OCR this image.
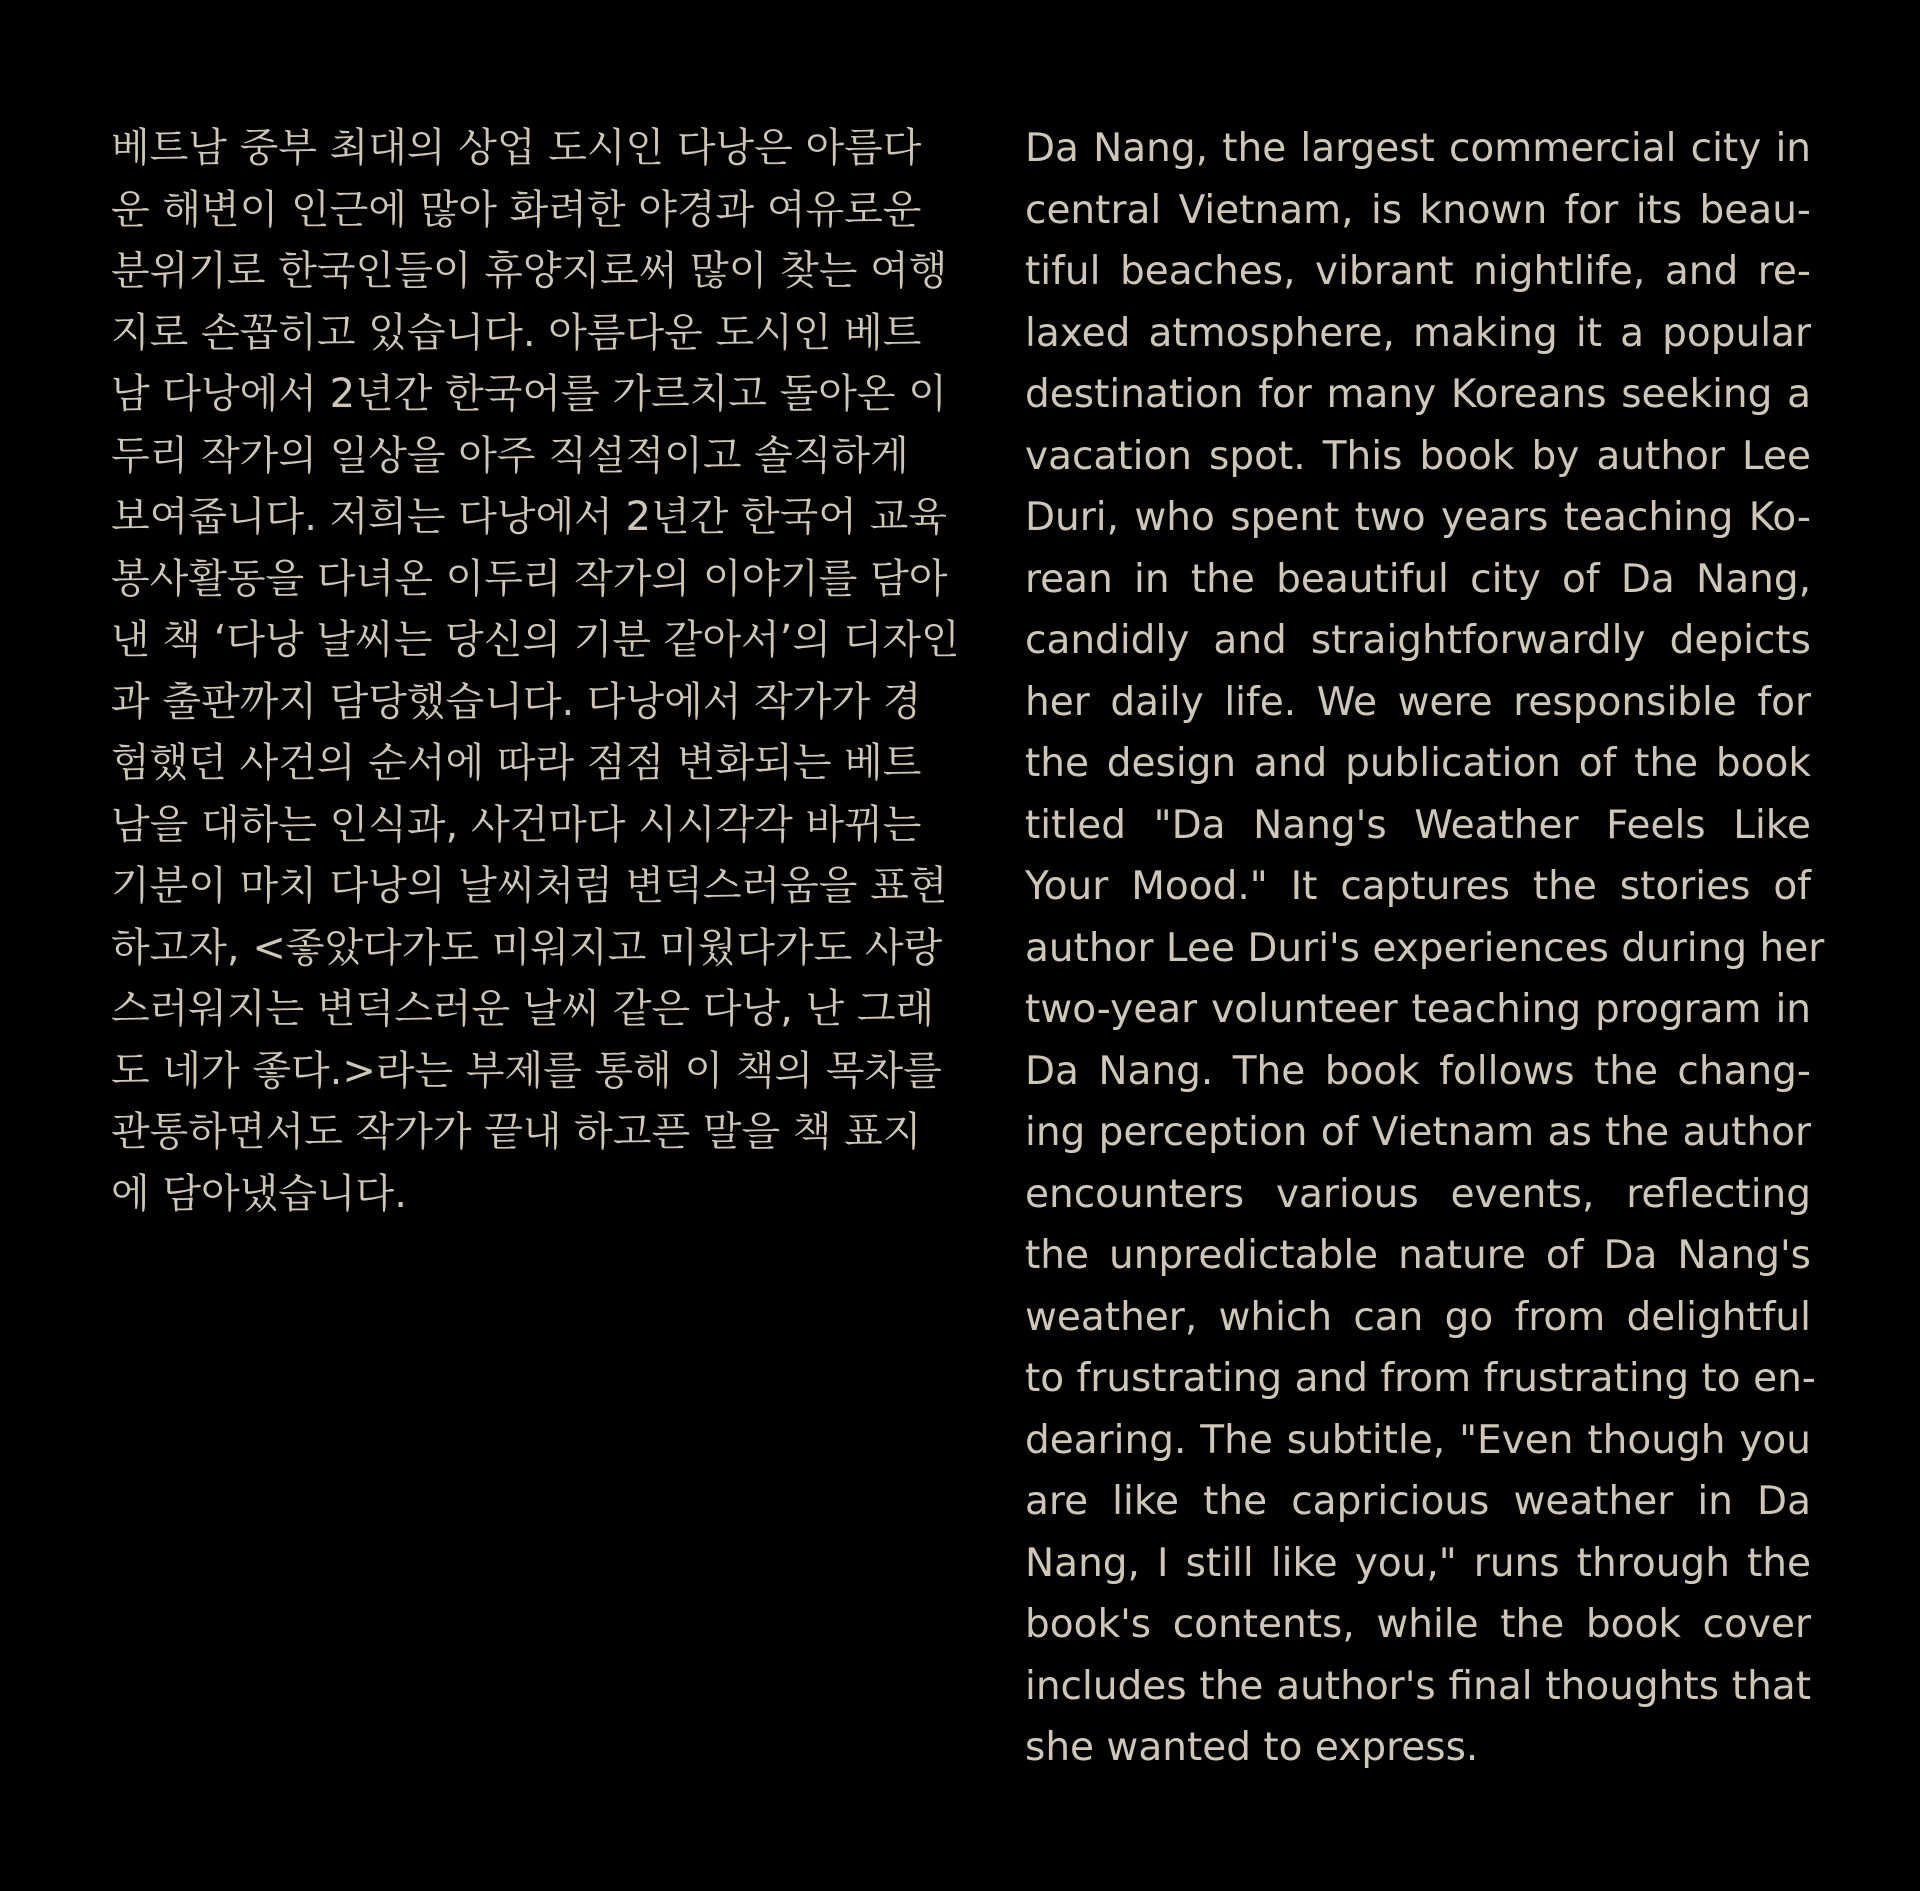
베트남 중부 최대의 상업 도시인 다낭은 아름다
운 해변이 인근에 많아 화려한 야경과 여유로운
분위기로 한국인들이 휴양지로써 많이 찾는 여행
지로 손꼽히고 있습니다. 아름다운 도시인 베트
남 다낭에서 2년간 한국어를 가르치고 돌아온 이
두리 작가의 일상을 아주 직설적이고 솔직하게
보여줍니다. 저희는 다낭에서 2년간 한국어 교육
봉사활동을 다녀온 이두리 작가의 이야기를 담아
낸 책 ‘다낭 날씨는 당신의 기분 같아서’의 디자인
과 출판까지 담당했습니다. 다낭에서 작가가 경
험했던 사건의 순서에 따라 점점 변화되는 베트
남을 대하는 인식과, 사건마다 시시각각 바뀌는
기분이 마치 다낭의 날씨처럼 변덕스러움을 표현
하고자, <좋았다가도 미워지고 미웠다가도 사랑
스러워지는 변덕스러운 날씨 같은 다낭, 난 그래
도 네가 좋다.>라는 부제를 통해 이 책의 목차를
관통하면서도 작가가 끝내 하고픈 말을 책 표지
에 담아냈습니다.
Da Nang, the largest commercial city in
central Vietnam, is known for its beau-
tiful beaches, vibrant nightlife, and re-
laxed atmosphere, making it a popular
destination for many Koreans seeking a
vacation spot. This book by author Lee
Duri, who spent two years teaching Ko-
rean in the beautiful city of Da Nang,
candidly and straightforwardly depicts
her daily life. We were responsible for
the design and publication of the book
titled "Da Nang's Weather Feels Like
Your Mood." It captures the stories of
author Lee Duri's experiences during her
two-year volunteer teaching program in
Da Nang. The book follows the chang-
ing perception of Vietnam as the author
encounters various events, reflecting
the unpredictable nature of Da Nang's
weather, which can go from delightful
to frustrating and from frustrating to en-
dearing. The subtitle, "Even though you
are like the capricious weather in Da
Nang, I still like you," runs through the
book's contents, while the book cover
includes the author's final thoughts that
she wanted to express.
